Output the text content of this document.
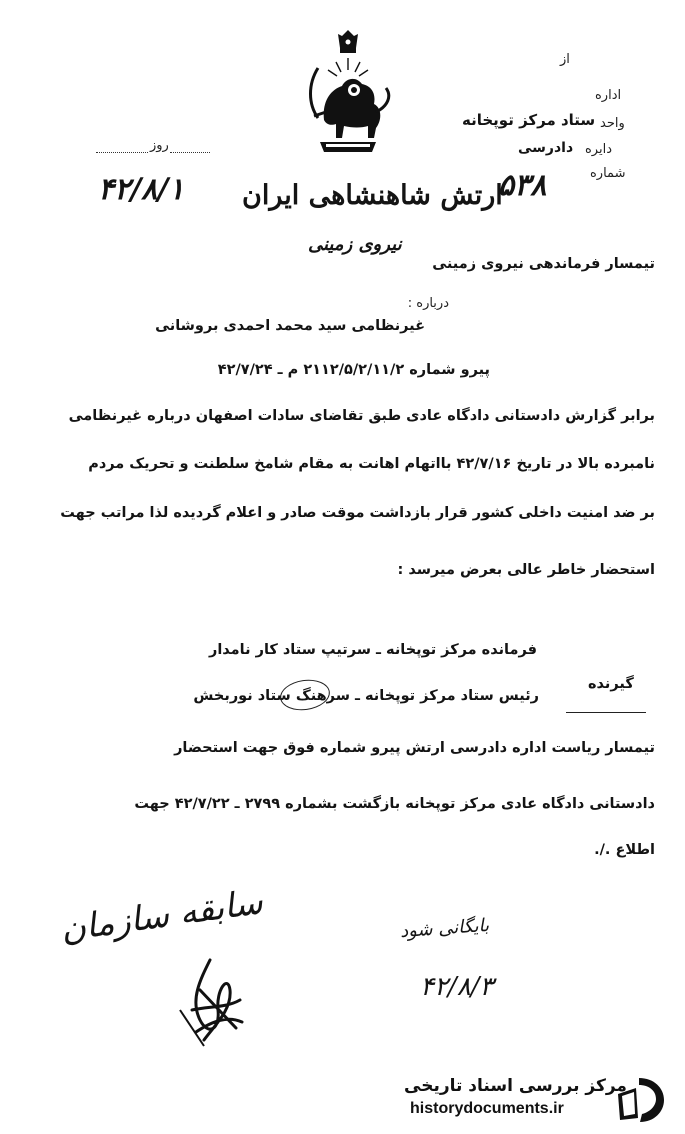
از
اداره
واحد
ستاد مرکز توپخانه
دایره
دادرسی
شماره
۵۳۸
روز
۴۲/۸/۱ ارتش شاهنشاهی ایران
نیروی زمینی
تیمسار فرماندهی نیروی زمینی
درباره :
غیرنظامی سید محمد احمدی بروشانی
پیرو شماره ۲۱۱۲/۵/۲/۱۱/۲ م ـ ۴۲/۷/۲۴
برابر گزارش دادستانی دادگاه عادی طبق تقاضای سادات اصفهان درباره غیرنظامی
نامبرده بالا در تاریخ ۴۲/۷/۱۶ بااتهام اهانت به مقام شامخ سلطنت و تحریک مردم
بر ضد امنیت داخلی کشور قرار بازداشت موقت صادر و اعلام گردیده لذا مراتب جهت
استحضار خاطر عالی بعرض میرسد :
فرمانده مرکز توپخانه ـ سرتیپ ستاد کار نامدار
گیرنده
رئیس ستاد مرکز توپخانه ـ سرهنگ ستاد نوربخش
تیمسار ریاست اداره دادرسی ارتش پیرو شماره فوق جهت استحضار
دادستانی دادگاه عادی مرکز توپخانه بازگشت بشماره ۲۷۹۹ ـ ۴۲/۷/۲۲ جهت
اطلاع ./.
سابقه سازمان	بایگانی شود
۴۲/۸/۳
مرکز بررسی اسناد تاریخی
historydocuments.ir
